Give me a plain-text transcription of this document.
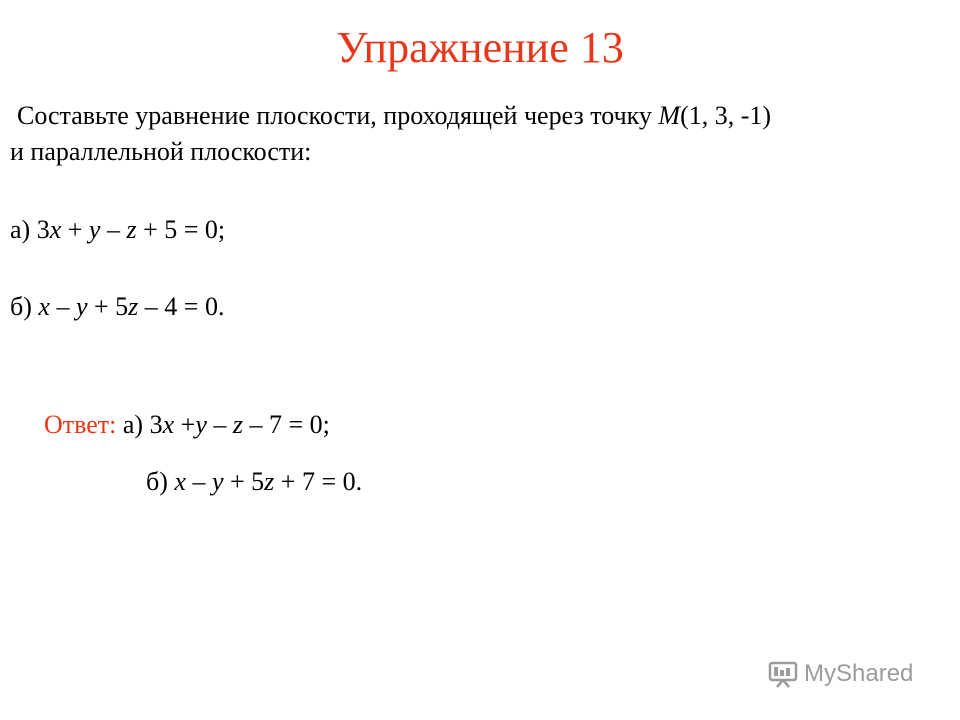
Упражнение 13
Составьте уравнение плоскости, проходящей через точку M(1, 3, -1)
и параллельной плоскости:
а) 3x + y – z + 5 = 0;
б) x – y + 5z – 4 = 0.
Ответ: а) 3x +y – z – 7 = 0;
б) x – y + 5z + 7 = 0.
MyShared
